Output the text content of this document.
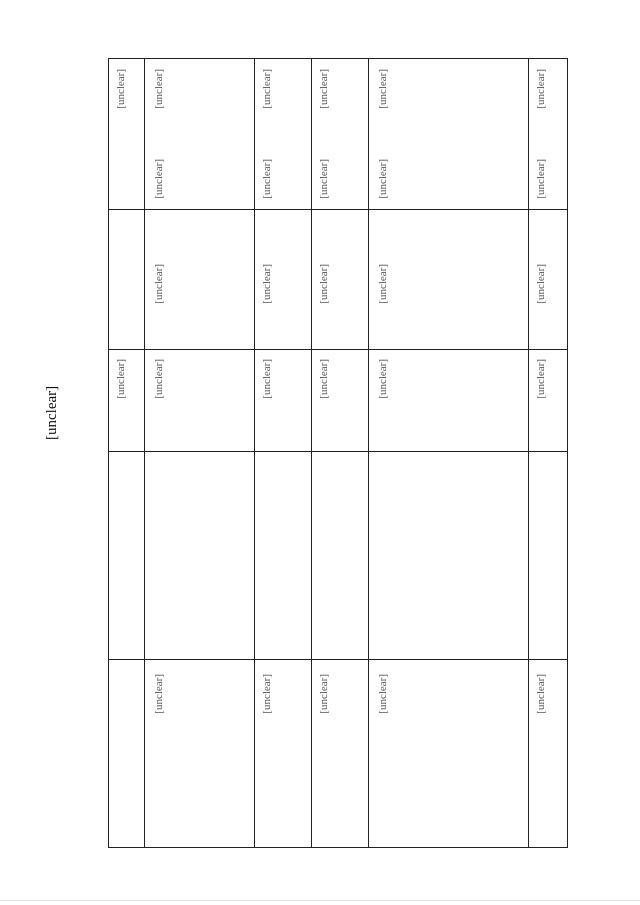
[unclear]
[unclear]
[unclear]
[unclear]
[unclear]
[unclear]
[unclear]
[unclear]
[unclear]
[unclear]
[unclear]
[unclear]
[unclear]
[unclear]
[unclear]
[unclear]
[unclear]
[unclear]
[unclear]
[unclear]
[unclear]
[unclear]
[unclear]
[unclear]
[unclear]
[unclear]
[unclear]
[unclear]
